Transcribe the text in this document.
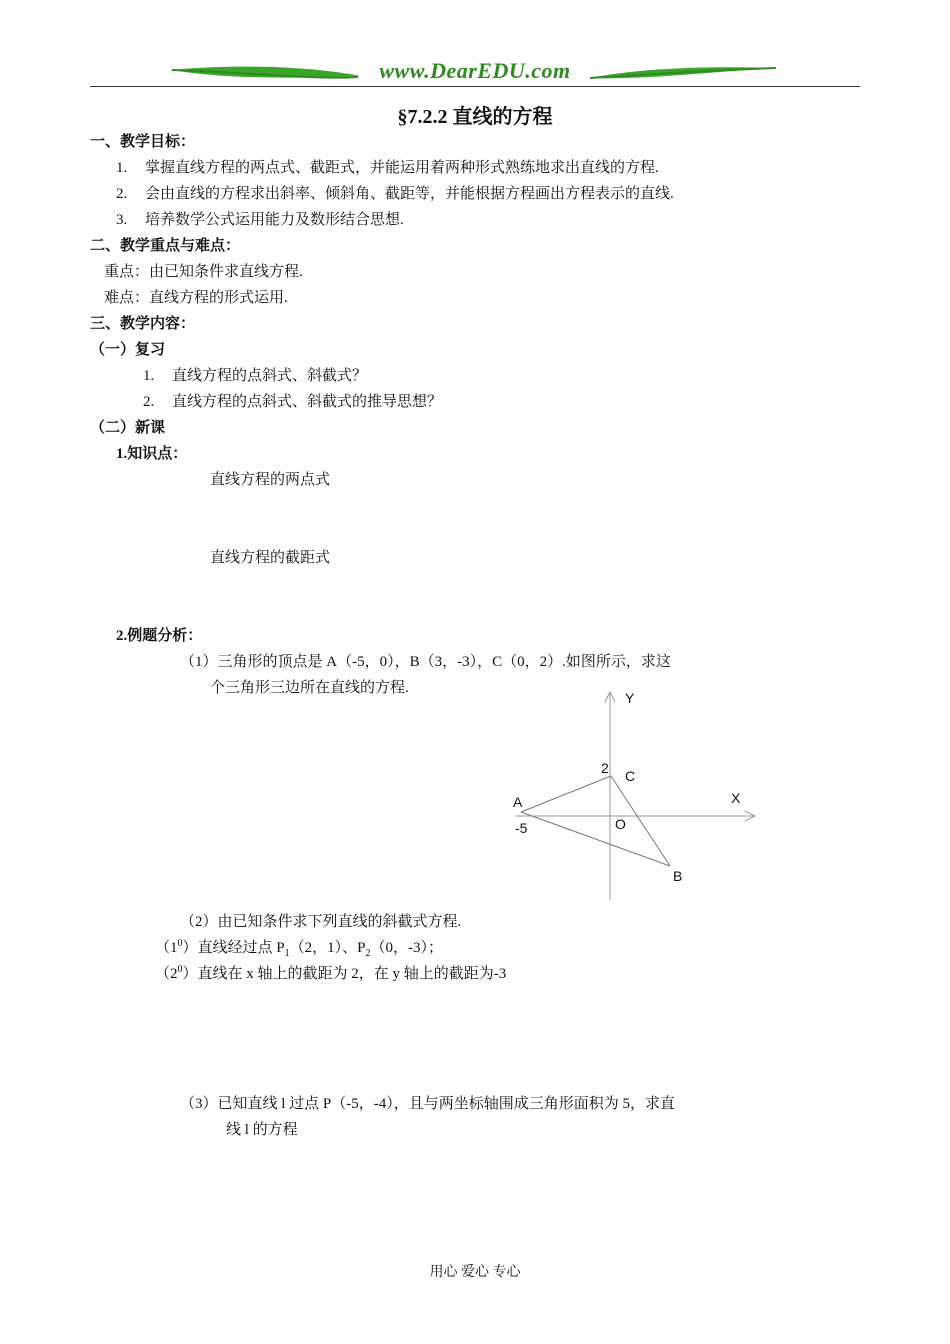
www.DearEDU.com
§7.2.2 直线的方程
一、教学目标：
1. 掌握直线方程的两点式、截距式，并能运用着两种形式熟练地求出直线的方程.
2. 会由直线的方程求出斜率、倾斜角、截距等，并能根据方程画出方程表示的直线.
3. 培养数学公式运用能力及数形结合思想.
二、教学重点与难点：
重点：由已知条件求直线方程.
难点：直线方程的形式运用.
三、教学内容：
（一）复习
1. 直线方程的点斜式、斜截式？
2. 直线方程的点斜式、斜截式的推导思想？
（二）新课
1.知识点：
直线方程的两点式
直线方程的截距式
2.例题分析：
（1）三角形的顶点是 A（-5，0），B（3，-3），C（0，2）.如图所示，求这
个三角形三边所在直线的方程.
Y
X
O
A
B
C
2
-5
（2）由已知条件求下列直线的斜截式方程.
$(1^0)$直线经过点 $P_1(2$，1）、$P_2(0$，-3）；
$(2^0)$直线在 x 轴上的截距为 2，在 y 轴上的截距为-3
（3）已知直线 l 过点 P（-5，-4），且与两坐标轴围成三角形面积为 5，求直
线 l 的方程
用心 爱心 专心
